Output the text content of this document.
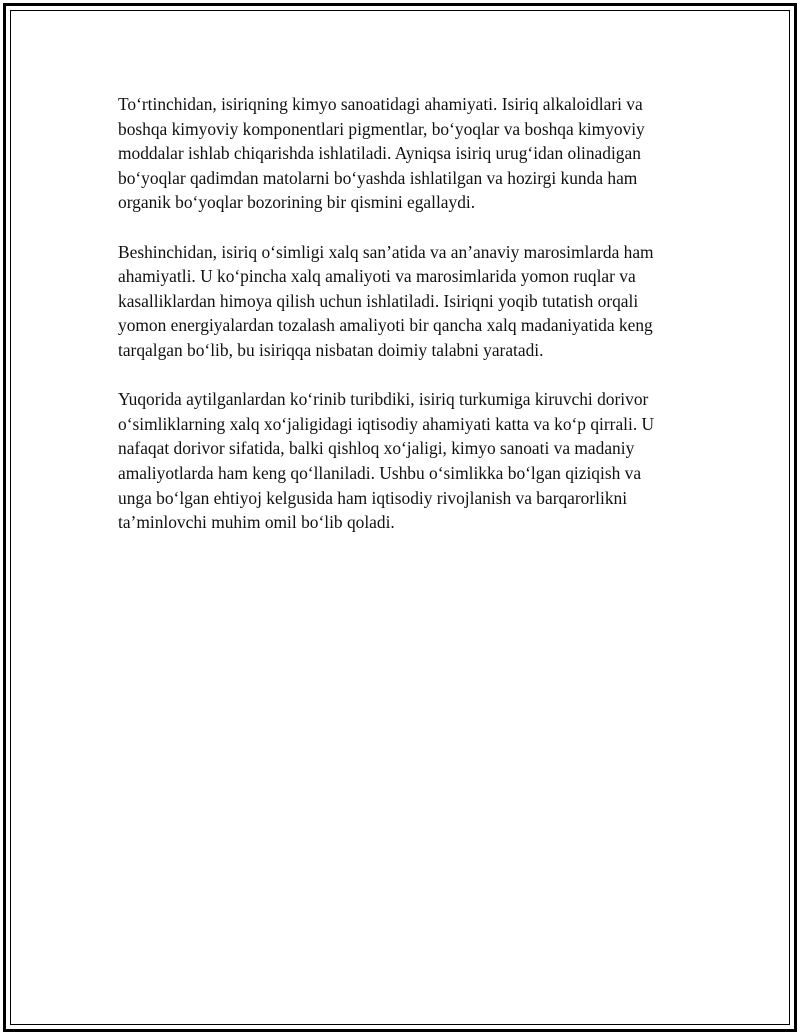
To‘rtinchidan, isiriqning kimyo sanoatidagi ahamiyati. Isiriq alkaloidlari va
boshqa kimyoviy komponentlari pigmentlar, bo‘yoqlar va boshqa kimyoviy
moddalar ishlab chiqarishda ishlatiladi. Ayniqsa isiriq urug‘idan olinadigan
bo‘yoqlar qadimdan matolarni bo‘yashda ishlatilgan va hozirgi kunda ham
organik bo‘yoqlar bozorining bir qismini egallaydi.

Beshinchidan, isiriq o‘simligi xalq san’atida va an’anaviy marosimlarda ham
ahamiyatli. U ko‘pincha xalq amaliyoti va marosimlarida yomon ruqlar va
kasalliklardan himoya qilish uchun ishlatiladi. Isiriqni yoqib tutatish orqali
yomon energiyalardan tozalash amaliyoti bir qancha xalq madaniyatida keng
tarqalgan bo‘lib, bu isiriqqa nisbatan doimiy talabni yaratadi.

Yuqorida aytilganlardan ko‘rinib turibdiki, isiriq turkumiga kiruvchi dorivor
o‘simliklarning xalq xo‘jaligidagi iqtisodiy ahamiyati katta va ko‘p qirrali. U
nafaqat dorivor sifatida, balki qishloq xo‘jaligi, kimyo sanoati va madaniy
amaliyotlarda ham keng qo‘llaniladi. Ushbu o‘simlikka bo‘lgan qiziqish va
unga bo‘lgan ehtiyoj kelgusida ham iqtisodiy rivojlanish va barqarorlikni
ta’minlovchi muhim omil bo‘lib qoladi.
